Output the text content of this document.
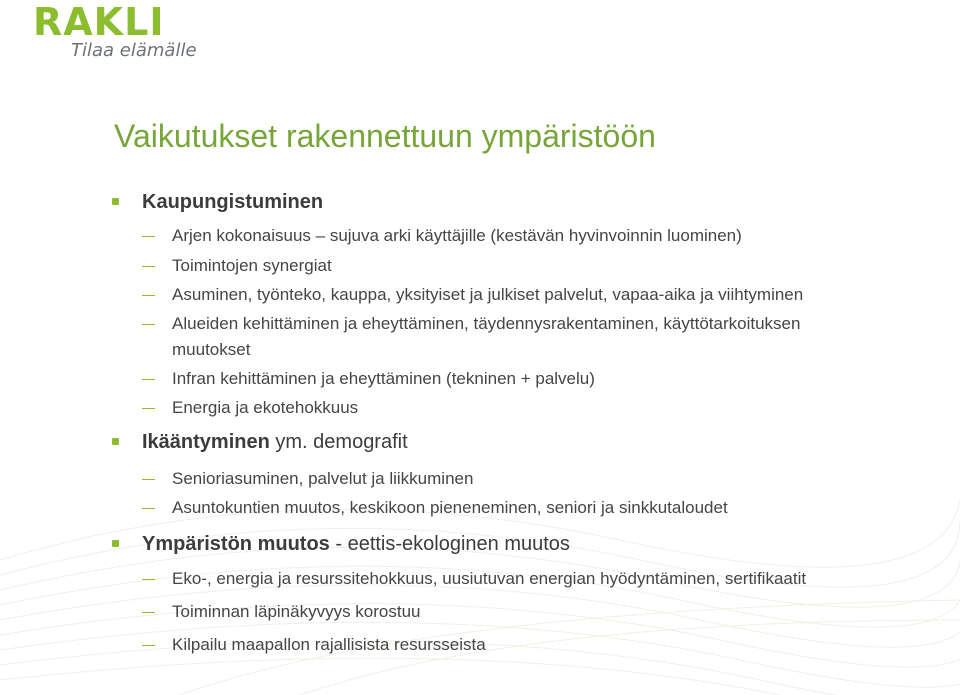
RAKLI
Tilaa elämälle
Vaikutukset rakennettuun ympäristöön
Kaupungistuminen
Arjen kokonaisuus – sujuva arki käyttäjille (kestävän hyvinvoinnin luominen)
Toimintojen synergiat
Asuminen, työnteko, kauppa, yksityiset ja julkiset palvelut, vapaa-aika ja viihtyminen
Alueiden kehittäminen ja eheyttäminen, täydennysrakentaminen, käyttötarkoituksen
muutokset
Infran kehittäminen ja eheyttäminen (tekninen + palvelu)
Energia ja ekotehokkuus
Ikääntyminen ym. demografit
Senioriasuminen, palvelut ja liikkuminen
Asuntokuntien muutos, keskikoon pieneneminen, seniori ja sinkkutaloudet
Ympäristön muutos - eettis-ekologinen muutos
Eko-, energia ja resurssitehokkuus, uusiutuvan energian hyödyntäminen, sertifikaatit
Toiminnan läpinäkyvyys korostuu
Kilpailu maapallon rajallisista resursseista
